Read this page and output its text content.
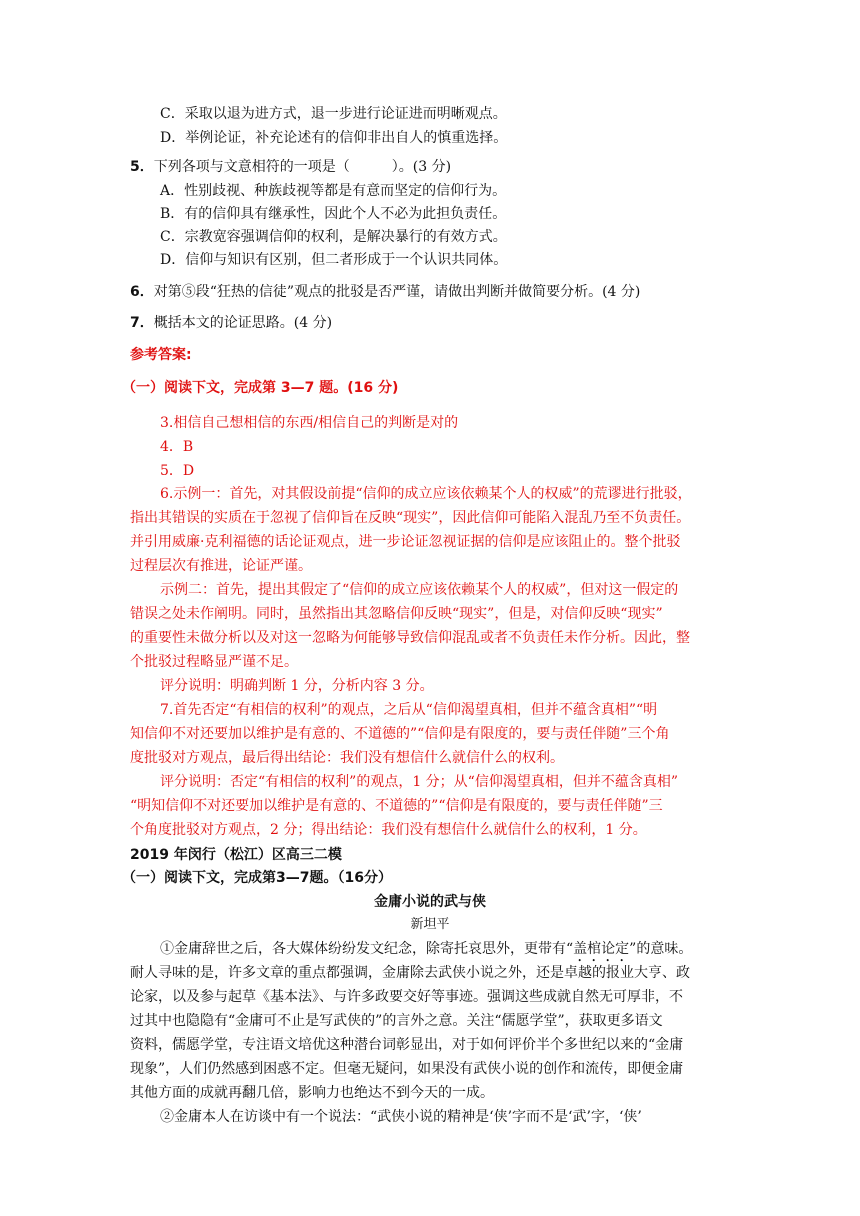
C．采取以退为进方式，退一步进行论证进而明晰观点。
D．举例论证，补充论述有的信仰非出自人的慎重选择。
5．下列各项与文意相符的一项是（　　　）。(3 分)
A．性别歧视、种族歧视等都是有意而坚定的信仰行为。
B．有的信仰具有继承性，因此个人不必为此担负责任。
C．宗教宽容强调信仰的权利，是解决暴行的有效方式。
D．信仰与知识有区别，但二者形成于一个认识共同体。
6．对第⑤段“狂热的信徒”观点的批驳是否严谨，请做出判断并做简要分析。(4 分)
7．概括本文的论证思路。(4 分)
参考答案:
（一）阅读下文，完成第 3—7 题。(16 分)
3.相信自己想相信的东西/相信自己的判断是对的
4．B
5．D
6.示例一：首先，对其假设前提“信仰的成立应该依赖某个人的权威”的荒谬进行批驳，
指出其错误的实质在于忽视了信仰旨在反映“现实”，因此信仰可能陷入混乱乃至不负责任。
并引用威廉·克利福德的话论证观点，进一步论证忽视证据的信仰是应该阻止的。整个批驳
过程层次有推进，论证严谨。
示例二：首先，提出其假定了“信仰的成立应该依赖某个人的权威”，但对这一假定的
错误之处未作阐明。同时，虽然指出其忽略信仰反映“现实”，但是，对信仰反映“现实”
的重要性未做分析以及对这一忽略为何能够导致信仰混乱或者不负责任未作分析。因此，整
个批驳过程略显严谨不足。
评分说明：明确判断 1 分，分析内容 3 分。
7.首先否定“有相信的权利”的观点，之后从“信仰渴望真相，但并不蕴含真相”“明
知信仰不对还要加以维护是有意的、不道德的”“信仰是有限度的，要与责任伴随”三个角
度批驳对方观点，最后得出结论：我们没有想信什么就信什么的权利。
评分说明：否定“有相信的权利”的观点，1 分；从“信仰渴望真相，但并不蕴含真相”
“明知信仰不对还要加以维护是有意的、不道德的”“信仰是有限度的，要与责任伴随”三
个角度批驳对方观点，2 分；得出结论：我们没有想信什么就信什么的权利，1 分。
2019 年闵行（松江）区高三二模
（一）阅读下文，完成第3—7题。（16分）
金庸小说的武与侠
新坦平
①金庸辞世之后，各大媒体纷纷发文纪念，除寄托哀思外，更带有“盖棺论定”的意味。
耐人寻味的是，许多文章的重点都强调，金庸除去武侠小说之外，还是卓越的报业大亨、政
论家，以及参与起草《基本法》、与许多政要交好等事迹。强调这些成就自然无可厚非，不
过其中也隐隐有“金庸可不止是写武侠的”的言外之意。关注“儒愿学堂”，获取更多语文
资料，儒愿学堂，专注语文培优这种潜台词彰显出，对于如何评价半个多世纪以来的“金庸
现象”，人们仍然感到困惑不定。但毫无疑问，如果没有武侠小说的创作和流传，即便金庸
其他方面的成就再翻几倍，影响力也绝达不到今天的一成。
②金庸本人在访谈中有一个说法：“武侠小说的精神是‘侠’字而不是‘武’字，‘侠’
